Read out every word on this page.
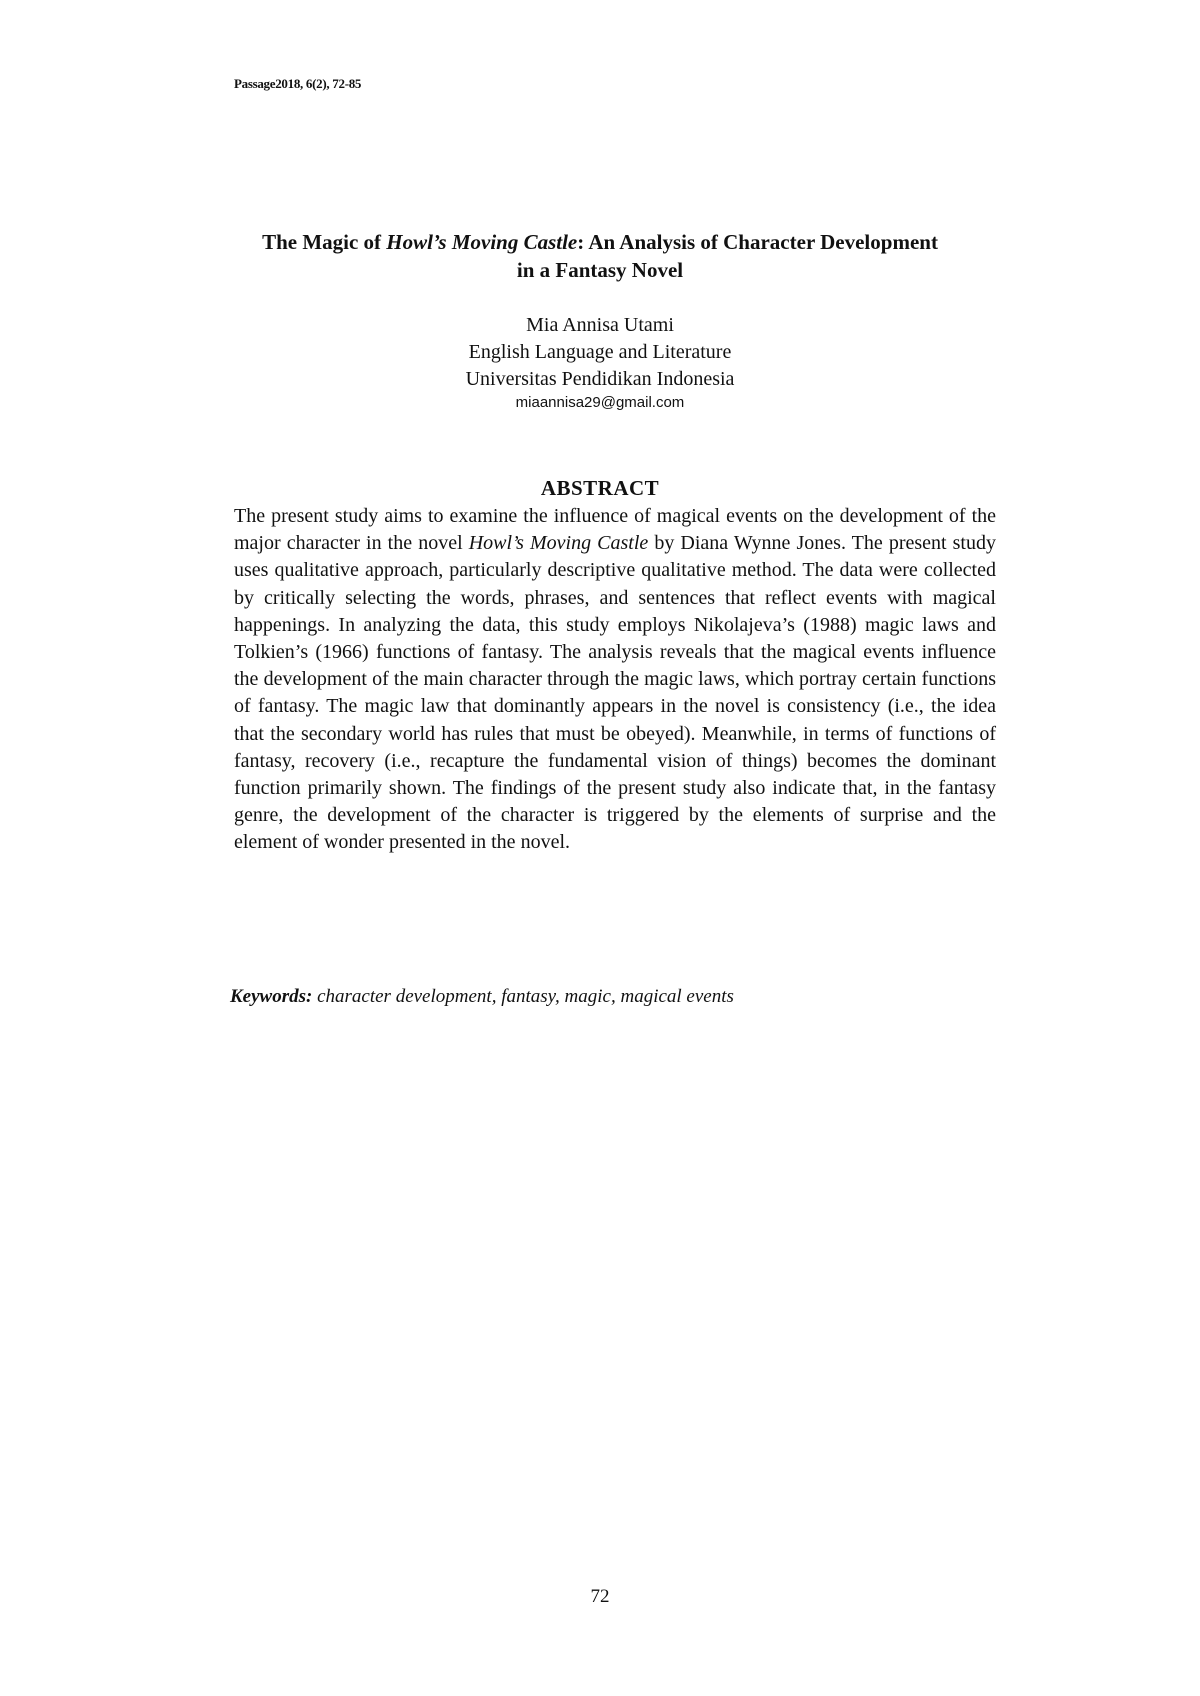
Passage2018, 6(2), 72-85
The Magic of Howl’s Moving Castle: An Analysis of Character Development
in a Fantasy Novel
Mia Annisa Utami
English Language and Literature
Universitas Pendidikan Indonesia
miaannisa29@gmail.com
ABSTRACT
The present study aims to examine the influence of magical events on the development of the major character in the novel Howl’s Moving Castle by Diana Wynne Jones. The present study uses qualitative approach, particularly descriptive qualitative method. The data were collected by critically selecting the words, phrases, and sentences that reflect events with magical happenings. In analyzing the data, this study employs Nikolajeva’s (1988) magic laws and Tolkien’s (1966) functions of fantasy. The analysis reveals that the magical events influence the development of the main character through the magic laws, which portray certain functions of fantasy. The magic law that dominantly appears in the novel is consistency (i.e., the idea that the secondary world has rules that must be obeyed). Meanwhile, in terms of functions of fantasy, recovery (i.e., recapture the fundamental vision of things) becomes the dominant function primarily shown. The findings of the present study also indicate that, in the fantasy genre, the development of the character is triggered by the elements of surprise and the element of wonder presented in the novel.
Keywords: character development, fantasy, magic, magical events
72
